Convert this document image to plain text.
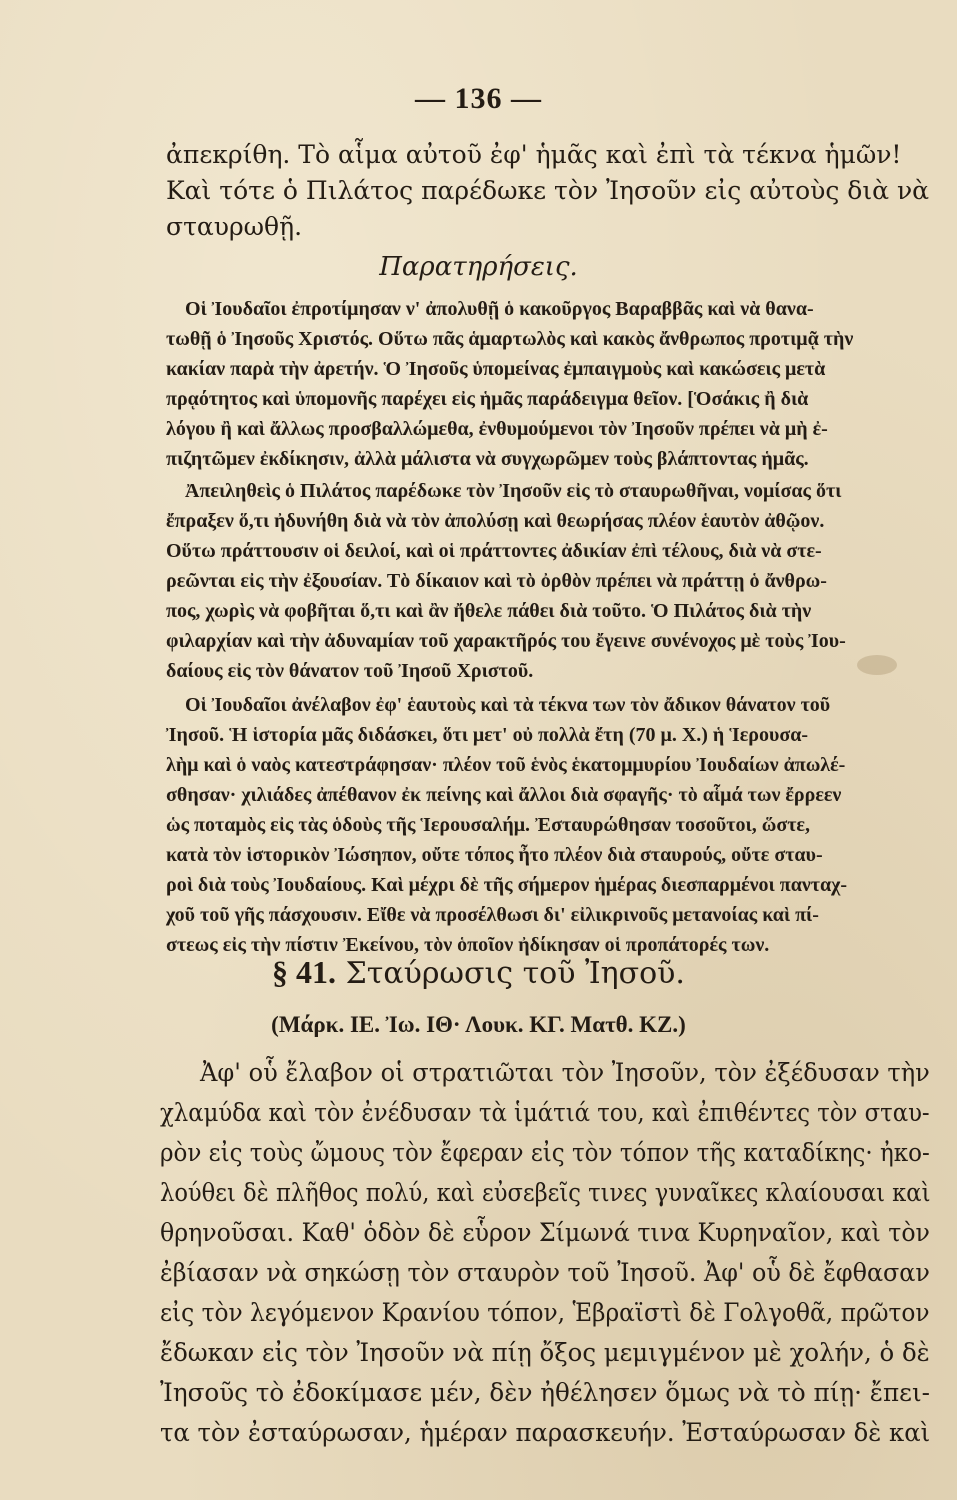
— 136 —
ἀπεκρίθη. Τὸ αἷμα αὐτοῦ ἐφ' ἡμᾶς καὶ ἐπὶ τὰ τέκνα ἡμῶν!
Καὶ τότε ὁ Πιλάτος παρέδωκε τὸν Ἰησοῦν εἰς αὐτοὺς διὰ νὰ
σταυρωθῇ.
Παρατηρήσεις.
Οἱ Ἰουδαῖοι ἐπροτίμησαν ν' ἀπολυθῇ ὁ κακοῦργος Βαραββᾶς καὶ νὰ θανα-
τωθῇ ὁ Ἰησοῦς Χριστός. Οὕτω πᾶς ἁμαρτωλὸς καὶ κακὸς ἄνθρωπος προτιμᾷ τὴν
κακίαν παρὰ τὴν ἀρετήν. Ὁ Ἰησοῦς ὑπομείνας ἐμπαιγμοὺς καὶ κακώσεις μετὰ
πρᾳότητος καὶ ὑπομονῆς παρέχει εἰς ἡμᾶς παράδειγμα θεῖον. [Ὁσάκις ἢ διὰ
λόγου ἢ καὶ ἄλλως προσβαλλώμεθα, ἐνθυμούμενοι τὸν Ἰησοῦν πρέπει νὰ μὴ ἐ-
πιζητῶμεν ἐκδίκησιν, ἀλλὰ μάλιστα νὰ συγχωρῶμεν τοὺς βλάπτοντας ἡμᾶς.
Ἀπειληθεὶς ὁ Πιλάτος παρέδωκε τὸν Ἰησοῦν εἰς τὸ σταυρωθῆναι, νομίσας ὅτι
ἔπραξεν ὅ,τι ἠδυνήθη διὰ νὰ τὸν ἀπολύσῃ καὶ θεωρήσας πλέον ἑαυτὸν ἀθῷον.
Οὕτω πράττουσιν οἱ δειλοί, καὶ οἱ πράττοντες ἀδικίαν ἐπὶ τέλους, διὰ νὰ στε-
ρεῶνται εἰς τὴν ἐξουσίαν. Τὸ δίκαιον καὶ τὸ ὀρθὸν πρέπει νὰ πράττῃ ὁ ἄνθρω-
πος, χωρὶς νὰ φοβῆται ὅ,τι καὶ ἂν ἤθελε πάθει διὰ τοῦτο. Ὁ Πιλάτος διὰ τὴν
φιλαρχίαν καὶ τὴν ἀδυναμίαν τοῦ χαρακτῆρός του ἔγεινε συνένοχος μὲ τοὺς Ἰου-
δαίους εἰς τὸν θάνατον τοῦ Ἰησοῦ Χριστοῦ.
Οἱ Ἰουδαῖοι ἀνέλαβον ἐφ' ἑαυτοὺς καὶ τὰ τέκνα των τὸν ἄδικον θάνατον τοῦ
Ἰησοῦ. Ἡ ἱστορία μᾶς διδάσκει, ὅτι μετ' οὐ πολλὰ ἔτη (70 μ. Χ.) ἡ Ἱερουσα-
λὴμ καὶ ὁ ναὸς κατεστράφησαν· πλέον τοῦ ἑνὸς ἑκατομμυρίου Ἰουδαίων ἀπωλέ-
σθησαν· χιλιάδες ἀπέθανον ἐκ πείνης καὶ ἄλλοι διὰ σφαγῆς· τὸ αἷμά των ἔρρεεν
ὡς ποταμὸς εἰς τὰς ὁδοὺς τῆς Ἱερουσαλήμ. Ἐσταυρώθησαν τοσοῦτοι, ὥστε,
κατὰ τὸν ἱστορικὸν Ἰώσηπον, οὔτε τόπος ἦτο πλέον διὰ σταυρούς, οὔτε σταυ-
ροὶ διὰ τοὺς Ἰουδαίους. Καὶ μέχρι δὲ τῆς σήμερον ἡμέρας διεσπαρμένοι πανταχ-
χοῦ τοῦ γῆς πάσχουσιν. Εἴθε νὰ προσέλθωσι δι' εἰλικρινοῦς μετανοίας καὶ πί-
στεως εἰς τὴν πίστιν Ἐκείνου, τὸν ὁποῖον ἠδίκησαν οἱ προπάτορές των.
§ 41. Σταύρωσις τοῦ Ἰησοῦ.
(Μάρκ. ΙΕ. Ἰω. ΙΘ· Λουκ. ΚΓ. Ματθ. ΚΖ.)
Ἀφ' οὗ ἔλαβον οἱ στρατιῶται τὸν Ἰησοῦν, τὸν ἐξέδυσαν τὴν
χλαμύδα καὶ τὸν ἐνέδυσαν τὰ ἱμάτιά του, καὶ ἐπιθέντες τὸν σταυ-
ρὸν εἰς τοὺς ὤμους τὸν ἔφεραν εἰς τὸν τόπον τῆς καταδίκης· ἠκο-
λούθει δὲ πλῆθος πολύ, καὶ εὐσεβεῖς τινες γυναῖκες κλαίουσαι καὶ
θρηνοῦσαι. Καθ' ὁδὸν δὲ εὗρον Σίμωνά τινα Κυρηναῖον, καὶ τὸν
ἐβίασαν νὰ σηκώσῃ τὸν σταυρὸν τοῦ Ἰησοῦ. Ἀφ' οὗ δὲ ἔφθασαν
εἰς τὸν λεγόμενον Κρανίου τόπον, Ἑβραϊστὶ δὲ Γολγοθᾶ, πρῶτον
ἔδωκαν εἰς τὸν Ἰησοῦν νὰ πίῃ ὄξος μεμιγμένον μὲ χολήν, ὁ δὲ
Ἰησοῦς τὸ ἐδοκίμασε μέν, δὲν ἠθέλησεν ὅμως νὰ τὸ πίῃ· ἔπει-
τα τὸν ἐσταύρωσαν, ἡμέραν παρασκευήν. Ἐσταύρωσαν δὲ καὶ
